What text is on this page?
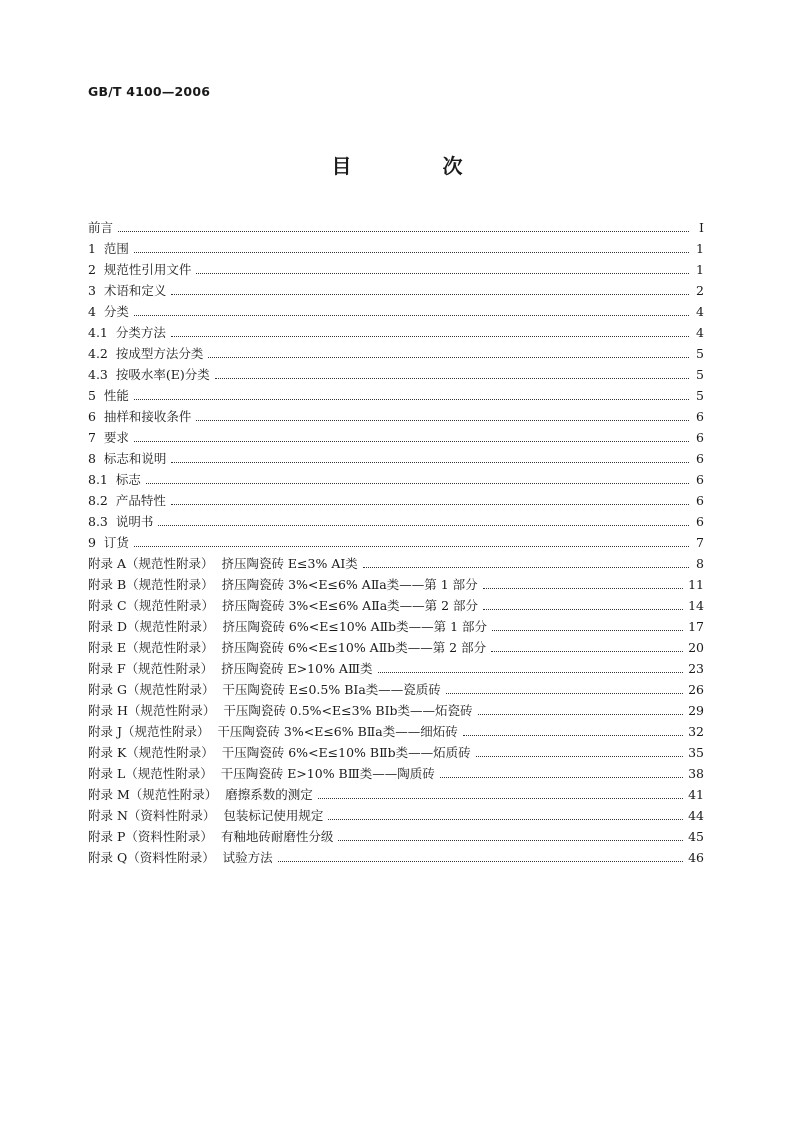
GB/T 4100—2006
目 次
前言	Ⅰ
1  范围	1
2  规范性引用文件	1
3  术语和定义	2
4  分类	4
4.1  分类方法	4
4.2  按成型方法分类	5
4.3  按吸水率(E)分类	5
5  性能	5
6  抽样和接收条件	6
7  要求	6
8  标志和说明	6
8.1  标志	6
8.2  产品特性	6
8.3  说明书	6
9  订货	7
附录 A（规范性附录）  挤压陶瓷砖 E≤3% AⅠ类	8
附录 B（规范性附录）  挤压陶瓷砖 3%<E≤6% AⅡa类——第 1 部分	11
附录 C（规范性附录）  挤压陶瓷砖 3%<E≤6% AⅡa类——第 2 部分	14
附录 D（规范性附录）  挤压陶瓷砖 6%<E≤10% AⅡb类——第 1 部分	17
附录 E（规范性附录）  挤压陶瓷砖 6%<E≤10% AⅡb类——第 2 部分	20
附录 F（规范性附录）  挤压陶瓷砖 E>10% AⅢ类	23
附录 G（规范性附录）  干压陶瓷砖 E≤0.5% BⅠa类——瓷质砖	26
附录 H（规范性附录）  干压陶瓷砖 0.5%<E≤3% BⅠb类——炻瓷砖	29
附录 J（规范性附录）  干压陶瓷砖 3%<E≤6% BⅡa类——细炻砖	32
附录 K（规范性附录）  干压陶瓷砖 6%<E≤10% BⅡb类——炻质砖	35
附录 L（规范性附录）  干压陶瓷砖 E>10% BⅢ类——陶质砖	38
附录 M（规范性附录）  磨擦系数的测定	41
附录 N（资料性附录）  包装标记使用规定	44
附录 P（资料性附录）  有釉地砖耐磨性分级	45
附录 Q（资料性附录）  试验方法	46
